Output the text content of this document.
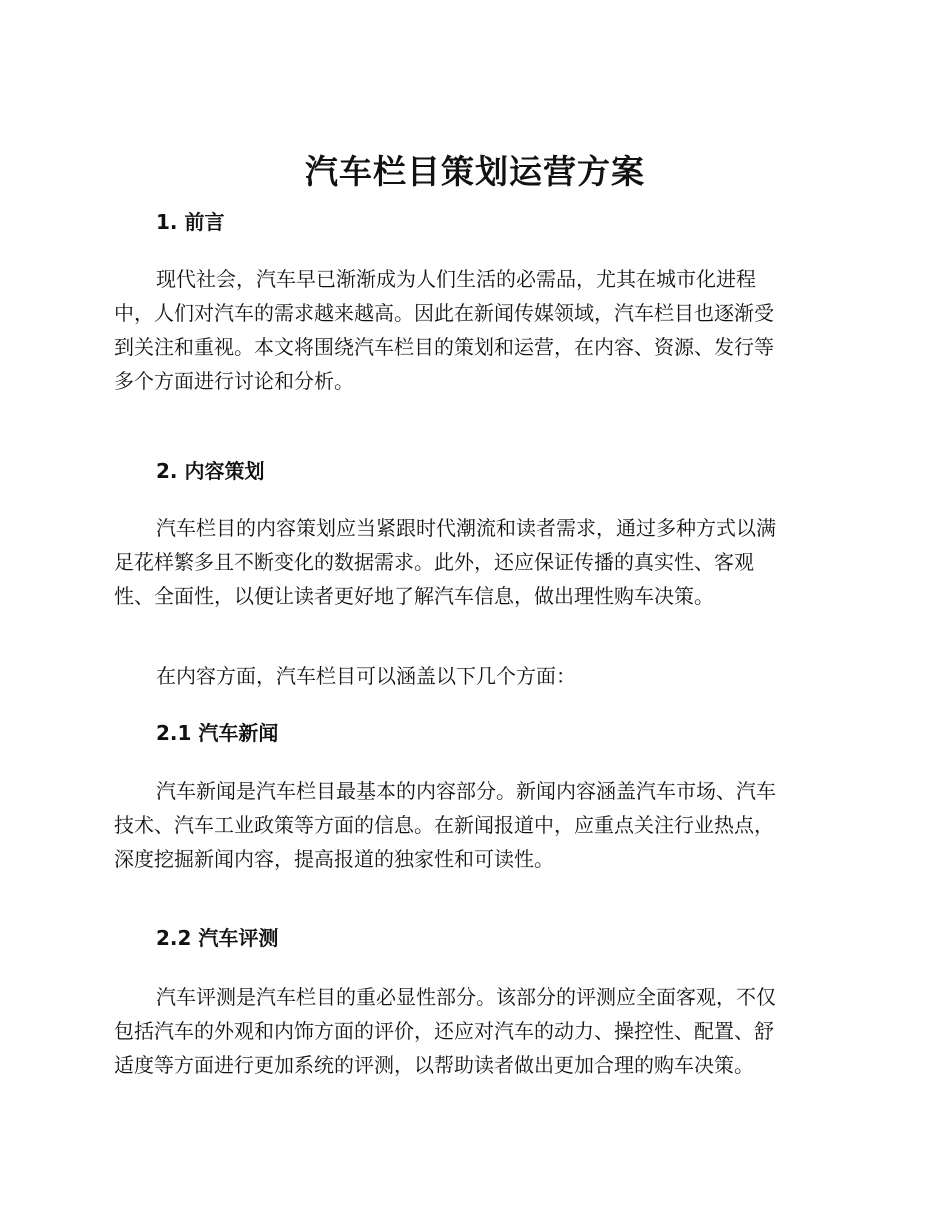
汽车栏目策划运营方案
1. 前言

现代社会，汽车早已渐渐成为人们生活的必需品，尤其在城市化进程
中，人们对汽车的需求越来越高。因此在新闻传媒领域，汽车栏目也逐渐受
到关注和重视。本文将围绕汽车栏目的策划和运营，在内容、资源、发行等
多个方面进行讨论和分析。

2. 内容策划

汽车栏目的内容策划应当紧跟时代潮流和读者需求，通过多种方式以满
足花样繁多且不断变化的数据需求。此外，还应保证传播的真实性、客观
性、全面性，以便让读者更好地了解汽车信息，做出理性购车决策。

在内容方面，汽车栏目可以涵盖以下几个方面：

2.1 汽车新闻

汽车新闻是汽车栏目最基本的内容部分。新闻内容涵盖汽车市场、汽车
技术、汽车工业政策等方面的信息。在新闻报道中，应重点关注行业热点，
深度挖掘新闻内容，提高报道的独家性和可读性。

2.2 汽车评测

汽车评测是汽车栏目的重必显性部分。该部分的评测应全面客观，不仅
包括汽车的外观和内饰方面的评价，还应对汽车的动力、操控性、配置、舒
适度等方面进行更加系统的评测，以帮助读者做出更加合理的购车决策。
